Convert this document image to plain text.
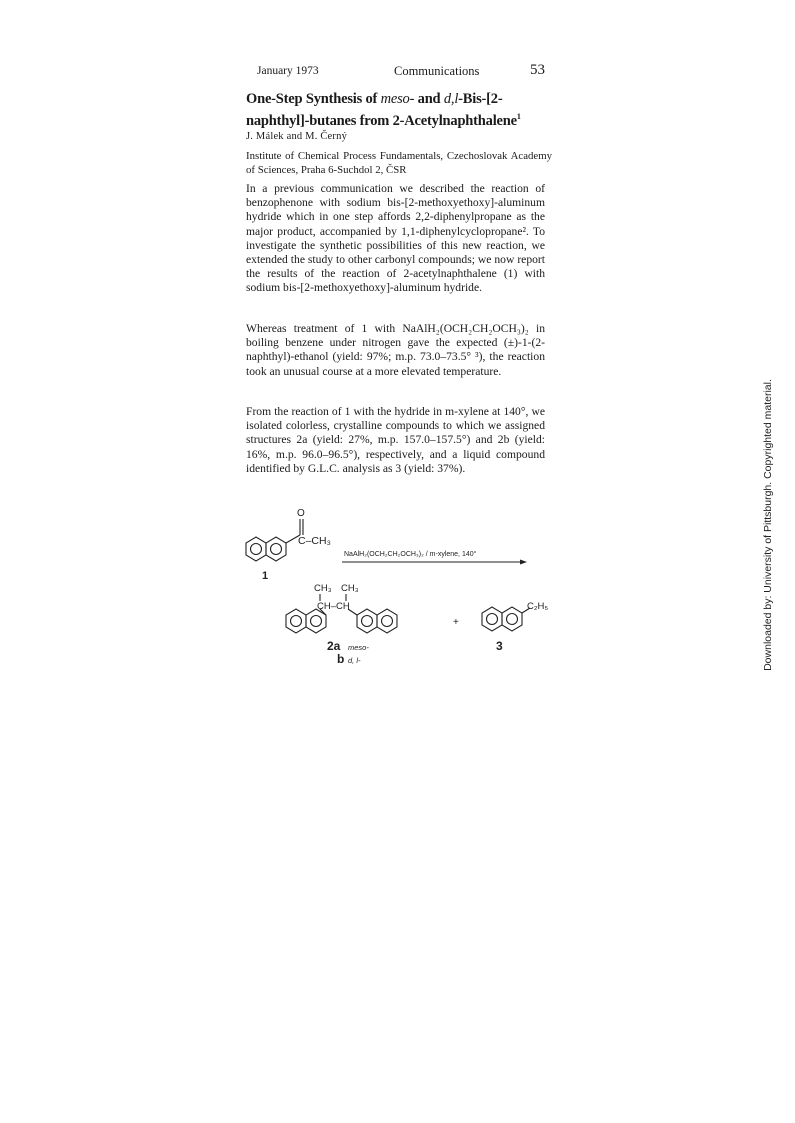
January 1973	Communications	53
One-Step Synthesis of meso- and d,l-Bis-[2-naphthyl]-butanes from 2-Acetylnaphthalene$^1$
J. Málek and M. Černý
Institute of Chemical Process Fundamentals, Czechoslovak Academy of Sciences, Praha 6-Suchdol 2, ČSR
In a previous communication we described the reaction of benzophenone with sodium bis-[2-methoxyethoxy]-aluminum hydride which in one step affords 2,2-diphenylpropane as the major product, accompanied by 1,1-diphenylcyclopropane². To investigate the synthetic possibilities of this new reaction, we extended the study to other carbonyl compounds; we now report the results of the reaction of 2-acetylnaphthalene (1) with sodium bis-[2-methoxyethoxy]-aluminum hydride.
Whereas treatment of 1 with NaAlH₂(OCH₂CH₂OCH₃)₂ in boiling benzene under nitrogen gave the expected (±)-1-(2-naphthyl)-ethanol (yield: 97%; m.p. 73.0–73.5° ³), the reaction took an unusual course at a more elevated temperature.
From the reaction of 1 with the hydride in m-xylene at 140°, we isolated colorless, crystalline compounds to which we assigned structures 2a (yield: 27%, m.p. 157.0–157.5°) and 2b (yield: 16%, m.p. 96.0–96.5°), respectively, and a liquid compound identified by G.L.C. analysis as 3 (yield: 37%).
O
C–CH₃
1
NaAlH₂(OCH₂CH₂OCH₃)₂ / m-xylene, 140°
CH₃ CH₃
CH–CH
+
C₂H₅
2a meso-
b d, l-
3	Downloaded by: University of Pittsburgh. Copyrighted material.
